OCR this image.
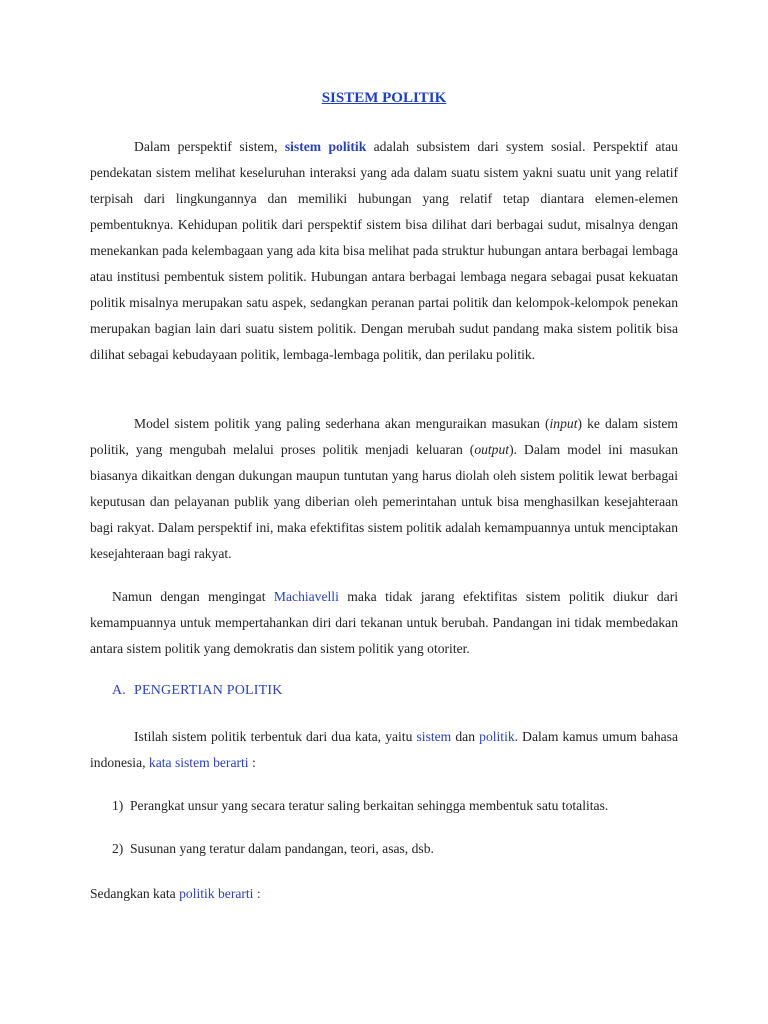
SISTEM POLITIK

Dalam perspektif sistem, sistem politik adalah subsistem dari system sosial. Perspektif atau pendekatan sistem melihat keseluruhan interaksi yang ada dalam suatu sistem yakni suatu unit yang relatif terpisah dari lingkungannya dan memiliki hubungan yang relatif tetap diantara elemen-elemen pembentuknya. Kehidupan politik dari perspektif sistem bisa dilihat dari berbagai sudut, misalnya dengan menekankan pada kelembagaan yang ada kita bisa melihat pada struktur hubungan antara berbagai lembaga atau institusi pembentuk sistem politik. Hubungan antara berbagai lembaga negara sebagai pusat kekuatan politik misalnya merupakan satu aspek, sedangkan peranan partai politik dan kelompok-kelompok penekan merupakan bagian lain dari suatu sistem politik. Dengan merubah sudut pandang maka sistem politik bisa dilihat sebagai kebudayaan politik, lembaga-lembaga politik, dan perilaku politik.

Model sistem politik yang paling sederhana akan menguraikan masukan (input) ke dalam sistem politik, yang mengubah melalui proses politik menjadi keluaran (output). Dalam model ini masukan biasanya dikaitkan dengan dukungan maupun tuntutan yang harus diolah oleh sistem politik lewat berbagai keputusan dan pelayanan publik yang diberian oleh pemerintahan untuk bisa menghasilkan kesejahteraan bagi rakyat. Dalam perspektif ini, maka efektifitas sistem politik adalah kemampuannya untuk menciptakan kesejahteraan bagi rakyat.

Namun dengan mengingat Machiavelli maka tidak jarang efektifitas sistem politik diukur dari kemampuannya untuk mempertahankan diri dari tekanan untuk berubah. Pandangan ini tidak membedakan antara sistem politik yang demokratis dan sistem politik yang otoriter.

A. PENGERTIAN POLITIK

Istilah sistem politik terbentuk dari dua kata, yaitu sistem dan politik. Dalam kamus umum bahasa indonesia, kata sistem berarti :

1) Perangkat unsur yang secara teratur saling berkaitan sehingga membentuk satu totalitas.

2) Susunan yang teratur dalam pandangan, teori, asas, dsb.

Sedangkan kata politik berarti :
